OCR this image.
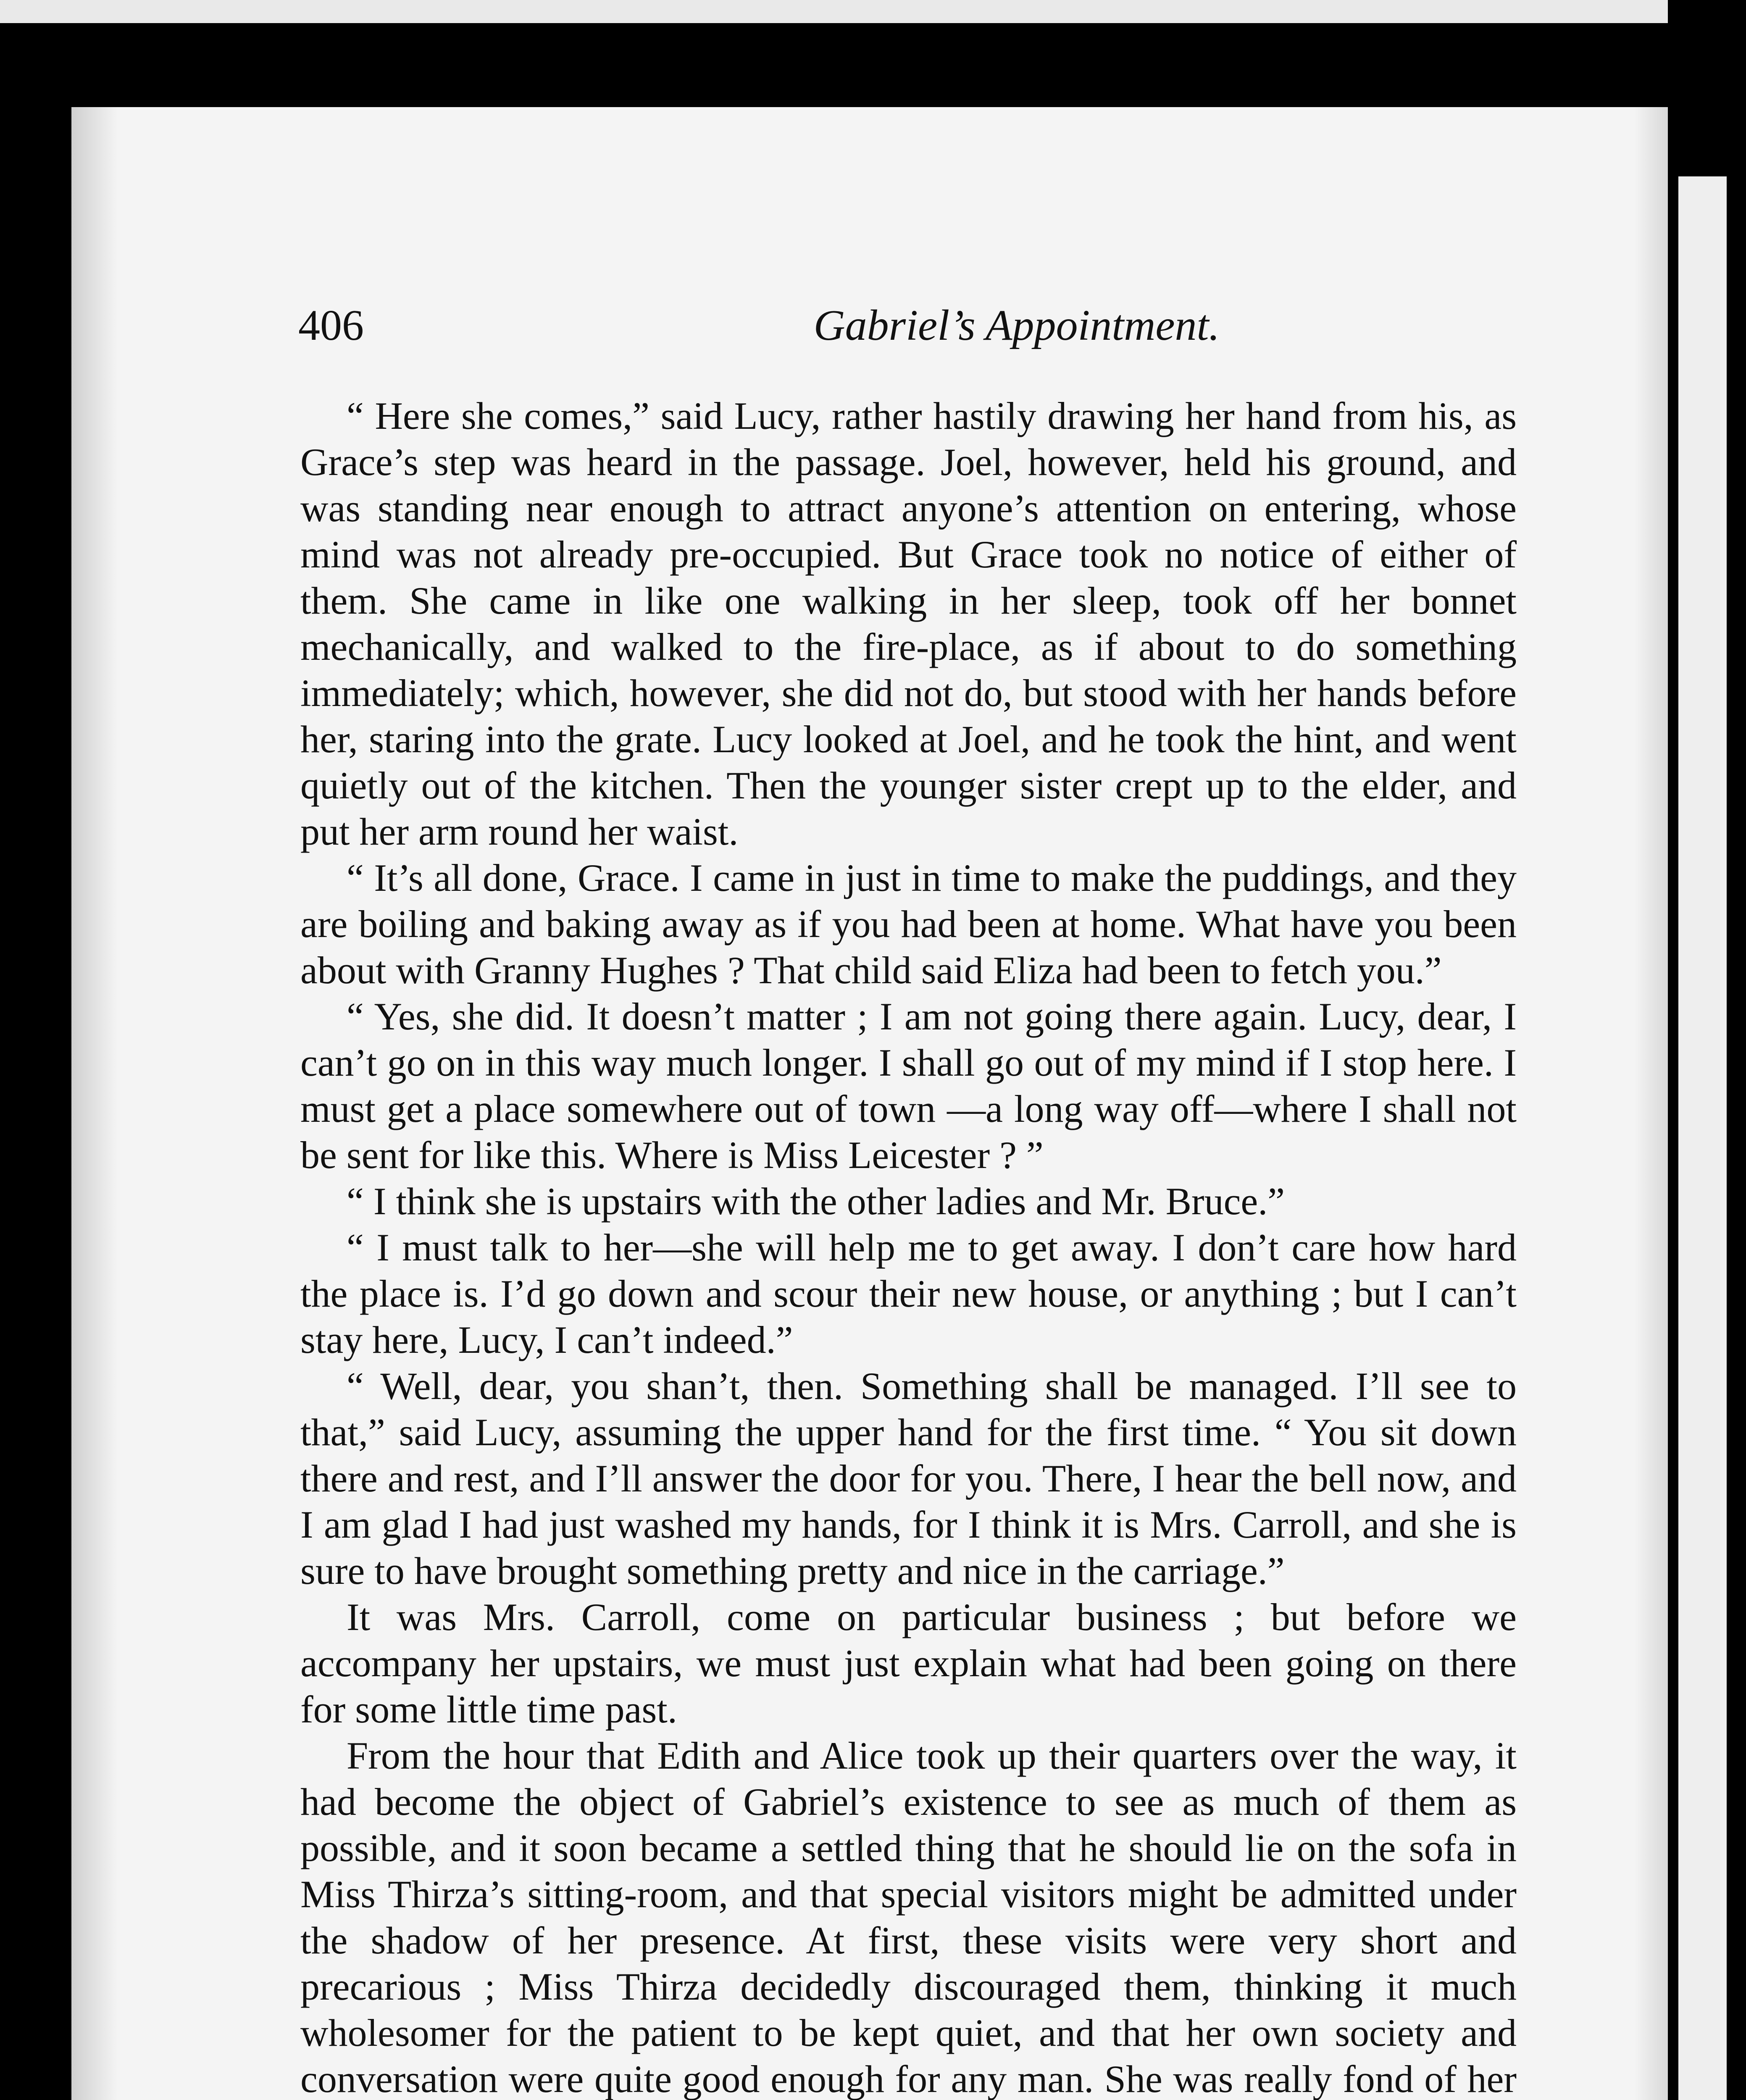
406	Gabriel’s Appointment.

“ Here she comes,” said Lucy, rather hastily drawing her hand from his, as Grace’s step was heard in the passage. Joel, however, held his ground, and was standing near enough to attract anyone’s attention on entering, whose mind was not already pre-occupied. But Grace took no notice of either of them. She came in like one walking in her sleep, took off her bonnet mechanically, and walked to the fire-place, as if about to do something immediately; which, however, she did not do, but stood with her hands before her, staring into the grate. Lucy looked at Joel, and he took the hint, and went quietly out of the kitchen. Then the younger sister crept up to the elder, and put her arm round her waist.

“ It’s all done, Grace. I came in just in time to make the puddings, and they are boiling and baking away as if you had been at home. What have you been about with Granny Hughes ? That child said Eliza had been to fetch you.”

“ Yes, she did. It doesn’t matter ; I am not going there again. Lucy, dear, I can’t go on in this way much longer. I shall go out of my mind if I stop here. I must get a place somewhere out of town —a long way off—where I shall not be sent for like this. Where is Miss Leicester ? ”

“ I think she is upstairs with the other ladies and Mr. Bruce.”

“ I must talk to her—she will help me to get away. I don’t care how hard the place is. I’d go down and scour their new house, or anything ; but I can’t stay here, Lucy, I can’t indeed.”

“ Well, dear, you shan’t, then. Something shall be managed. I’ll see to that,” said Lucy, assuming the upper hand for the first time. “ You sit down there and rest, and I’ll answer the door for you. There, I hear the bell now, and I am glad I had just washed my hands, for I think it is Mrs. Carroll, and she is sure to have brought something pretty and nice in the carriage.”

It was Mrs. Carroll, come on particular business ; but before we accompany her upstairs, we must just explain what had been going on there for some little time past.

From the hour that Edith and Alice took up their quarters over the way, it had become the object of Gabriel’s existence to see as much of them as possible, and it soon became a settled thing that he should lie on the sofa in Miss Thirza’s sitting-room, and that special visitors might be admitted under the shadow of her presence. At first, these visits were very short and precarious ; Miss Thirza decidedly discouraged them, thinking it much wholesomer for the patient to be kept quiet, and that her own society and conversation were quite good enough for any man. She was really fond of her
